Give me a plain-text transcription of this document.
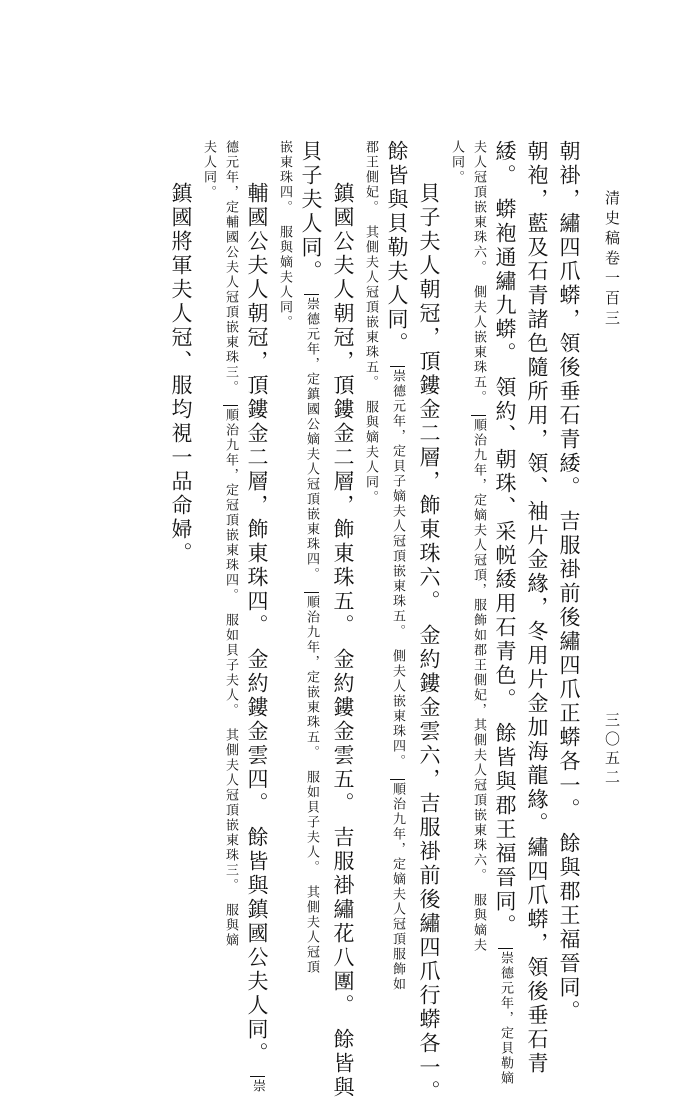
清史稿卷一百三
三〇五二
朝褂，繡四爪蟒，領後垂石青緌。吉服褂前後繡四爪正蟒各一。餘與郡王福晉同。
朝袍，藍及石青諸色隨所用，領、袖片金緣，冬用片金加海龍緣。繡四爪蟒，領後垂石青
緌。蟒袍通繡九蟒。領約、朝珠、采帨緌用石青色。餘皆與郡王福晉同。崇德元年，定貝勒嫡
夫人冠頂嵌東珠六。側夫人嵌東珠五。順治九年，定嫡夫人冠頂，服飾如郡王側妃，其側夫人冠頂嵌東珠六。服與嫡夫
人同。
貝子夫人朝冠，頂鏤金二層，飾東珠六。金約鏤金雲六，吉服褂前後繡四爪行蟒各一。
餘皆與貝勒夫人同。崇德元年，定貝子嫡夫人冠頂嵌東珠五。側夫人嵌東珠四。順治九年，定嫡夫人冠頂服飾如
郡王側妃。其側夫人冠頂嵌東珠五。服與嫡夫人同。
鎮國公夫人朝冠，頂鏤金二層，飾東珠五。金約鏤金雲五。吉服褂繡花八團。餘皆與
貝子夫人同。崇德元年，定鎮國公嫡夫人冠頂嵌東珠四。順治九年，定嵌東珠五。服如貝子夫人。其側夫人冠頂
嵌東珠四。服與嫡夫人同。
輔國公夫人朝冠，頂鏤金二層，飾東珠四。金約鏤金雲四。餘皆與鎮國公夫人同。崇
德元年，定輔國公夫人冠頂嵌東珠三。順治九年，定冠頂嵌東珠四。服如貝子夫人。其側夫人冠頂嵌東珠三。服與嫡
夫人同。
鎮國將軍夫人冠、服均視一品命婦。
